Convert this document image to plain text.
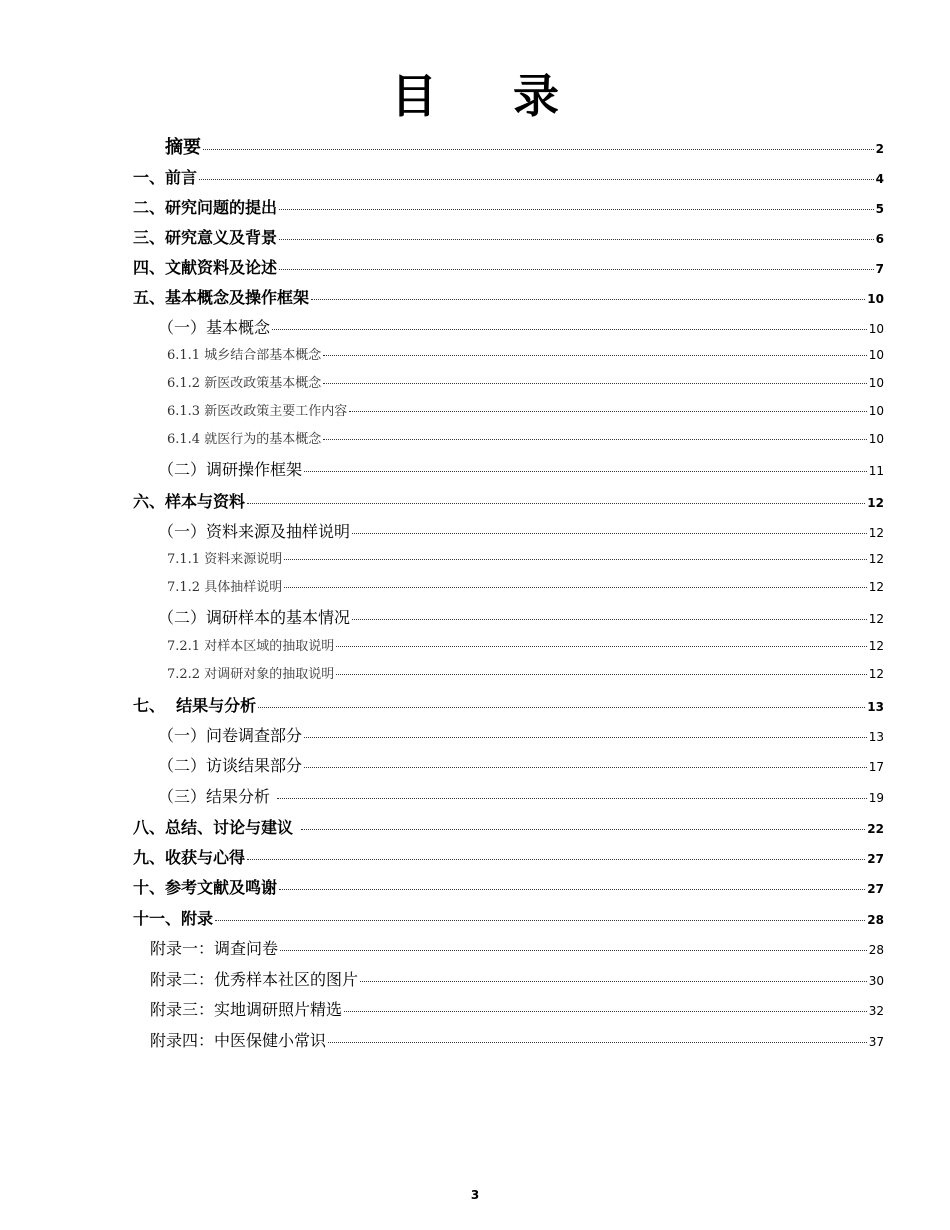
目 录
摘要	2
一、前言	4
二、研究问题的提出	5
三、研究意义及背景	6
四、文献资料及论述	7
五、基本概念及操作框架	10
（一）基本概念	10
6.1.1 城乡结合部基本概念	10
6.1.2 新医改政策基本概念	10
6.1.3 新医改政策主要工作内容	10
6.1.4 就医行为的基本概念	10
（二）调研操作框架	11
六、样本与资料	12
（一）资料来源及抽样说明	12
7.1.1 资料来源说明	12
7.1.2 具体抽样说明	12
（二）调研样本的基本情况	12
7.2.1 对样本区域的抽取说明	12
7.2.2 对调研对象的抽取说明	12
七、  结果与分析	13
（一）问卷调查部分	13
（二）访谈结果部分	17
（三）结果分析	19
八、总结、讨论与建议	22
九、收获与心得	27
十、参考文献及鸣谢	27
十一、附录	28
附录一：调查问卷	28
附录二：优秀样本社区的图片	30
附录三：实地调研照片精选	32
附录四：中医保健小常识	37
3
